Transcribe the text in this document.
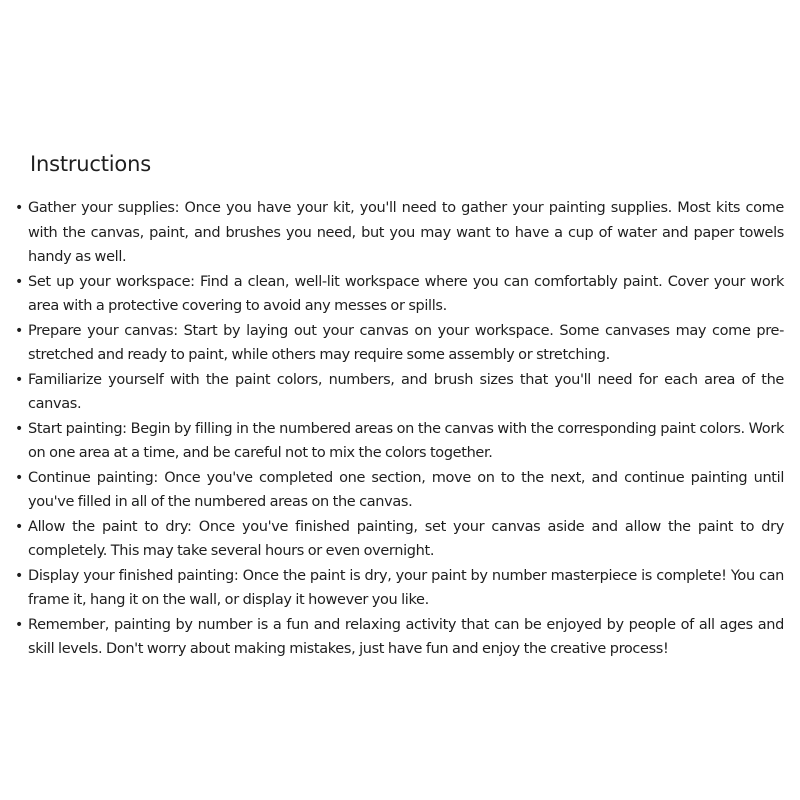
Instructions
• Gather your supplies: Once you have your kit, you'll need to gather your painting supplies. Most kits come with the canvas, paint, and brushes you need, but you may want to have a cup of water and paper towels handy as well.
• Set up your workspace: Find a clean, well-lit workspace where you can comfortably paint. Cover your work area with a protective covering to avoid any messes or spills.
• Prepare your canvas: Start by laying out your canvas on your workspace. Some canvases may come pre-stretched and ready to paint, while others may require some assembly or stretching.
• Familiarize yourself with the paint colors, numbers, and brush sizes that you'll need for each area of the canvas.
• Start painting: Begin by filling in the numbered areas on the canvas with the corresponding paint colors. Work on one area at a time, and be careful not to mix the colors together.
• Continue painting: Once you've completed one section, move on to the next, and continue painting until you've filled in all of the numbered areas on the canvas.
• Allow the paint to dry: Once you've finished painting, set your canvas aside and allow the paint to dry completely. This may take several hours or even overnight.
• Display your finished painting: Once the paint is dry, your paint by number masterpiece is complete! You can frame it, hang it on the wall, or display it however you like.
• Remember, painting by number is a fun and relaxing activity that can be enjoyed by people of all ages and skill levels. Don't worry about making mistakes, just have fun and enjoy the creative process!
